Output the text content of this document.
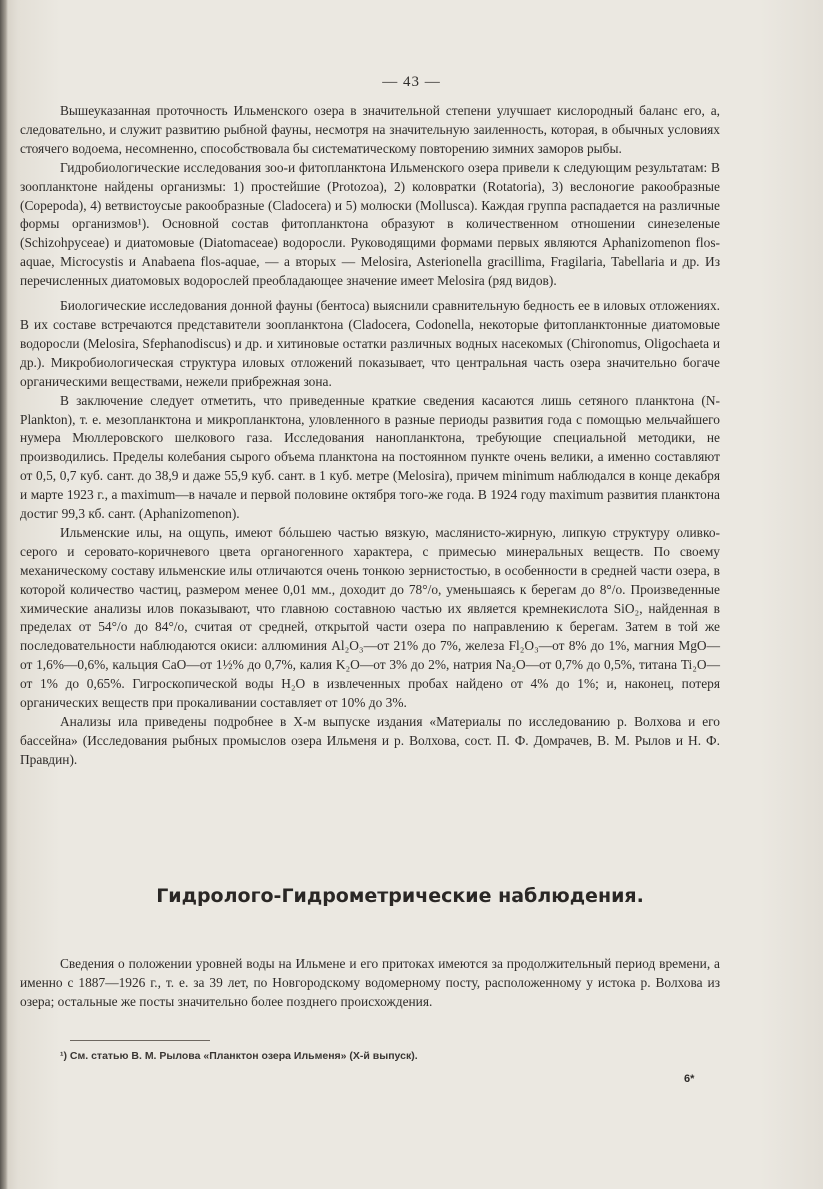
— 43 —

Вышеуказанная проточность Ильменского озера в значительной степени улучшает кислородный баланс его, а, следовательно, и служит развитию рыбной фауны, несмотря на значительную заиленность, которая, в обычных условиях стоячего водоема, несомненно, способствовала бы систематическому повторению зимних заморов рыбы.

Гидробиологические исследования зоо-и фитопланктона Ильменского озера привели к следующим результатам: В зоопланктоне найдены организмы: 1) простейшие (Protozoa), 2) коловратки (Rotatoria), 3) веслоногие ракообразные (Copepoda), 4) ветвистоусые ракообразные (Cladocera) и 5) молюски (Mollusca). Каждая группа распадается на различные формы организмов¹). Основной состав фитопланктона образуют в количественном отношении синезеленые (Schizohpyceae) и диатомовые (Diatomaceae) водоросли. Руководящими формами первых являются Aphanizomenon flos-aquae, Microcystis и Anabaena flos-aquae, — а вторых — Melosira, Asterionella gracillima, Fragilaria, Tabellaria и др. Из перечисленных диатомовых водорослей преобладающее значение имеет Melosira (ряд видов).

Биологические исследования донной фауны (бентоса) выяснили сравнительную бедность ее в иловых отложениях. В их составе встречаются представители зоопланктона (Cladocera, Codonella, некоторые фитопланктонные диатомовые водоросли (Melosira, Sfephanodiscus) и др. и хитиновые остатки различных водных насекомых (Chironomus, Oligochaeta и др.). Микробиологическая структура иловых отложений показывает, что центральная часть озера значительно богаче органическими веществами, нежели прибрежная зона.

В заключение следует отметить, что приведенные краткие сведения касаются лишь сетяного планктона (N-Plankton), т. е. мезопланктона и микропланктона, уловленного в разные периоды развития года с помощью мельчайшего нумера Мюллеровского шелкового газа. Исследования нанопланктона, требующие специальной методики, не производились. Пределы колебания сырого объема планктона на постоянном пункте очень велики, а именно составляют от 0,5, 0,7 куб. сант. до 38,9 и даже 55,9 куб. сант. в 1 куб. метре (Melosira), причем minimum наблюдался в конце декабря и марте 1923 г., а maximum—в начале и первой половине октября того-же года. В 1924 году maximum развития планктона достиг 99,3 кб. сант. (Aphanizomenon).

Ильменские илы, на ощупь, имеют бóльшею частью вязкую, маслянисто-жирную, липкую структуру оливко-серого и серовато-коричневого цвета органогенного характера, с примесью минеральных веществ. По своему механическому составу ильменские илы отличаются очень тонкою зернистостью, в особенности в средней части озера, в которой количество частиц, размером менее 0,01 мм., доходит до 78°/о, уменьшаясь к берегам до 8°/о. Произведенные химические анализы илов показывают, что главною составною частью их является кремнекислота SiO₂, найденная в пределах от 54°/о до 84°/о, считая от средней, открытой части озера по направлению к берегам. Затем в той же последовательности наблюдаются окиси: аллюминия Al₂O₃—от 21% до 7%, железа Fl₂O₃—от 8% до 1%, магния MgO—от 1,6%—0,6%, кальция CaO—от 1½% до 0,7%, калия K₂O—от 3% до 2%, натрия Na₂O—от 0,7% до 0,5%, титана Ti₂O—от 1% до 0,65%. Гигроскопической воды H₂O в извлеченных пробах найдено от 4% до 1%; и, наконец, потеря органических веществ при прокаливании составляет от 10% до 3%.

Анализы ила приведены подробнее в X-м выпуске издания «Материалы по исследованию р. Волхова и его бассейна» (Исследования рыбных промыслов озера Ильменя и р. Волхова, сост. П. Ф. Домрачев, В. М. Рылов и Н. Ф. Правдин).

Гидролого-Гидрометрические наблюдения.

Сведения о положении уровней воды на Ильмене и его притоках имеются за продолжительный период времени, а именно с 1887—1926 г., т. е. за 39 лет, по Новгородскому водомерному посту, расположенному у истока р. Волхова из озера; остальные же посты значительно более позднего происхождения.

¹) См. статью В. М. Рылова «Планктон озера Ильменя» (X-й выпуск).
6*
